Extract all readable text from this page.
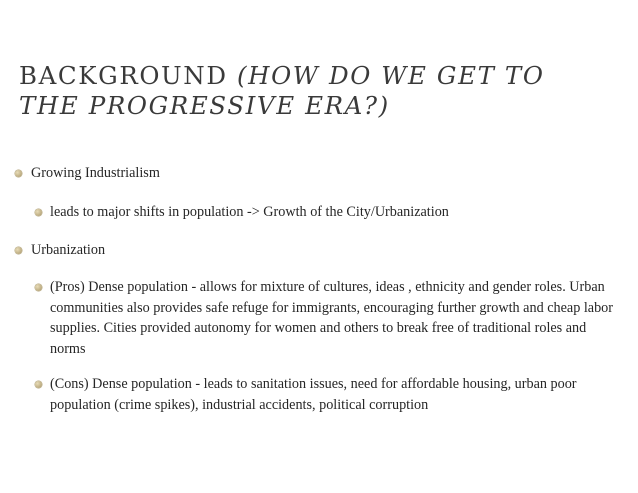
BACKGROUND (HOW DO WE GET TO
THE PROGRESSIVE ERA?)
Growing Industrialism
leads to major shifts in population -> Growth of the City/Urbanization
Urbanization
(Pros) Dense population - allows for mixture of cultures, ideas , ethnicity and gender roles. Urban communities also provides safe refuge for immigrants, encouraging further growth and cheap labor supplies. Cities provided autonomy for women and others to break free of traditional roles and norms
(Cons) Dense population - leads to sanitation issues, need for affordable housing, urban poor population (crime spikes), industrial accidents, political corruption
